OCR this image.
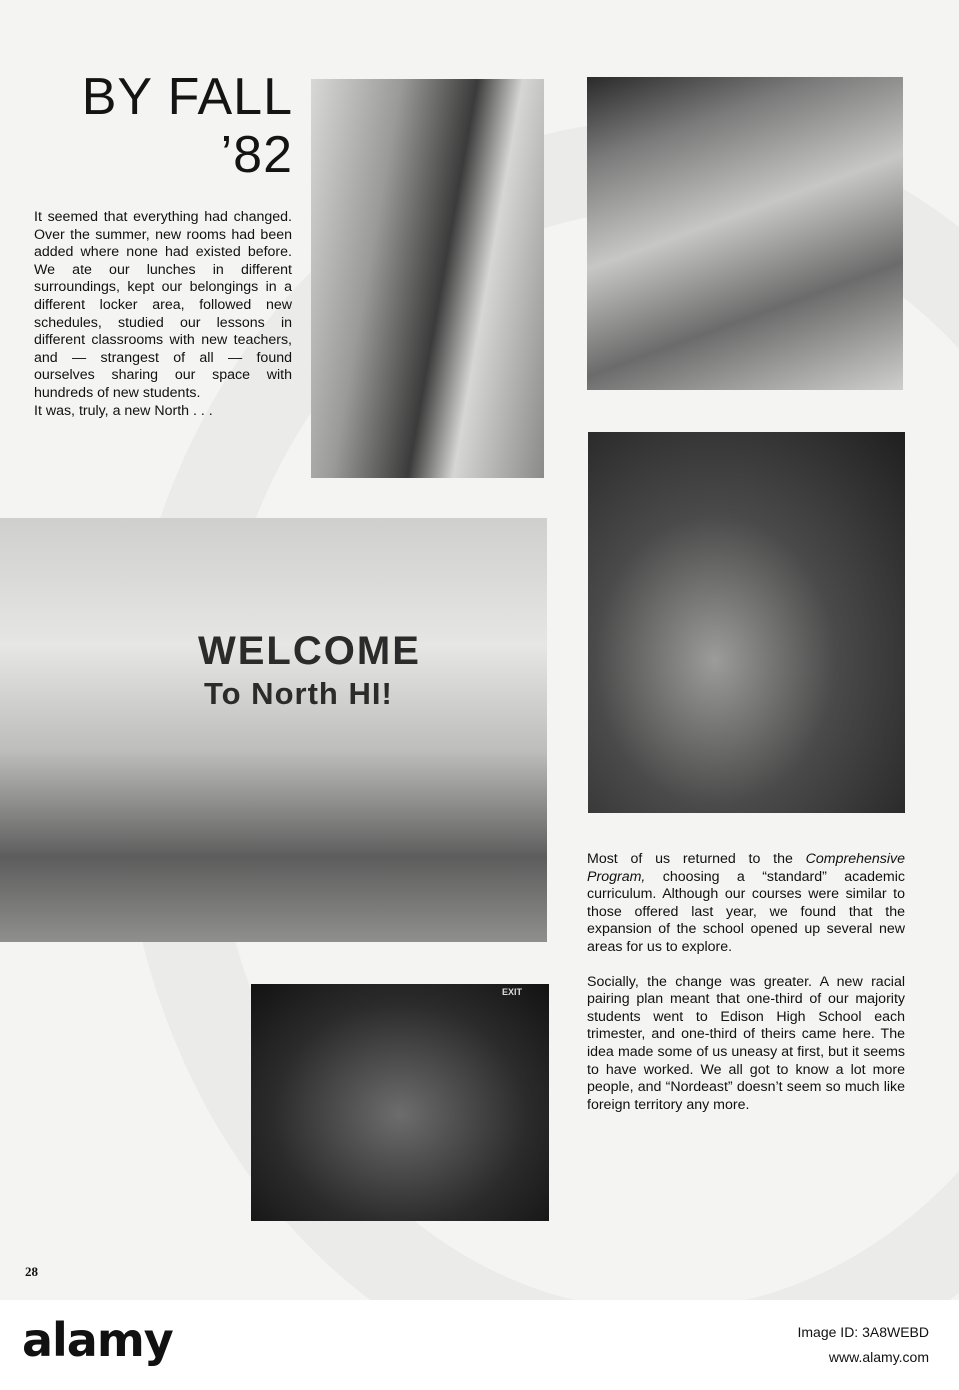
BY FALL
’82

It seemed that everything had changed. Over the summer, new rooms had been added where none had existed before. We ate our lunches in different surroundings, kept our belongings in a different locker area, followed new schedules, studied our lessons in different classrooms with new teachers, and — strangest of all — found ourselves sharing our space with hundreds of new students.

It was, truly, a new North . . .

WELCOME
To North HI!
EXIT

Most of us returned to the Comprehensive Program, choosing a “standard” academic curriculum. Although our courses were similar to those offered last year, we found that the expansion of the school opened up several new areas for us to explore.

Socially, the change was greater. A new racial pairing plan meant that one-third of our majority students went to Edison High School each trimester, and one-third of theirs came here. The idea made some of us uneasy at first, but it seems to have worked. We all got to know a lot more people, and “Nordeast” doesn’t seem so much like foreign territory any more.

28
alamy	Image ID: 3A8WEBD
www.alamy.com
